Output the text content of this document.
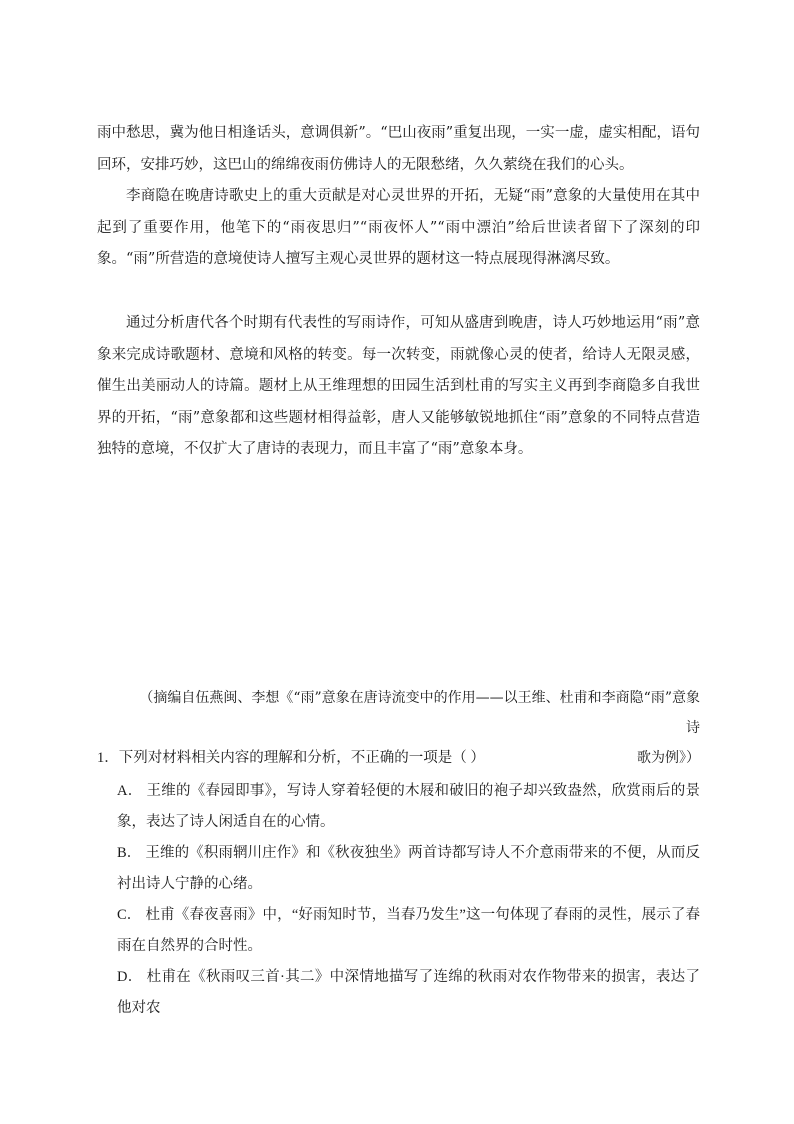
雨中愁思，冀为他日相逢话头，意调俱新”。“巴山夜雨”重复出现，一实一虚，虚实相配，语句回环，安排巧妙，这巴山的绵绵夜雨仿佛诗人的无限愁绪，久久萦绕在我们的心头。

李商隐在晚唐诗歌史上的重大贡献是对心灵世界的开拓，无疑“雨”意象的大量使用在其中起到了重要作用，他笔下的“雨夜思归”“雨夜怀人”“雨中漂泊”给后世读者留下了深刻的印象。“雨”所营造的意境使诗人擅写主观心灵世界的题材这一特点展现得淋漓尽致。

通过分析唐代各个时期有代表性的写雨诗作，可知从盛唐到晚唐，诗人巧妙地运用“雨”意象来完成诗歌题材、意境和风格的转变。每一次转变，雨就像心灵的使者，给诗人无限灵感，催生出美丽动人的诗篇。题材上从王维理想的田园生活到杜甫的写实主义再到李商隐多自我世界的开拓，“雨”意象都和这些题材相得益彰，唐人又能够敏锐地抓住“雨”意象的不同特点营造独特的意境，不仅扩大了唐诗的表现力，而且丰富了“雨”意象本身。

（摘编自伍燕闽、李想《“雨”意象在唐诗流变中的作用——以王维、杜甫和李商隐“雨”意象诗
歌为例》）
1．下列对材料相关内容的理解和分析，不正确的一项是（ ）
A． 王维的《春园即事》，写诗人穿着轻便的木屐和破旧的袍子却兴致盎然，欣赏雨后的景象，表达了诗人闲适自在的心情。
B． 王维的《积雨辋川庄作》和《秋夜独坐》两首诗都写诗人不介意雨带来的不便，从而反衬出诗人宁静的心绪。
C． 杜甫《春夜喜雨》中，“好雨知时节，当春乃发生”这一句体现了春雨的灵性，展示了春雨在自然界的合时性。
D． 杜甫在《秋雨叹三首·其二》中深情地描写了连绵的秋雨对农作物带来的损害，表达了他对农
